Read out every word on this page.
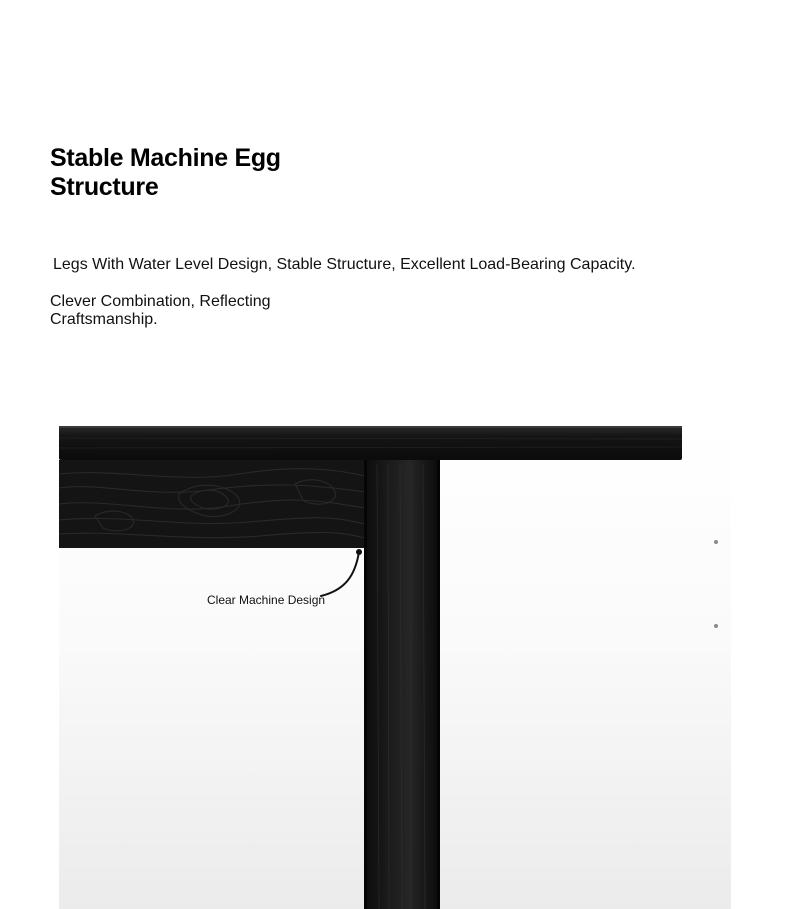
Stable Machine Egg Structure

Legs With Water Level Design, Stable Structure, Excellent Load-Bearing Capacity.

Clever Combination, Reflecting Craftsmanship.

Clear Machine Design
